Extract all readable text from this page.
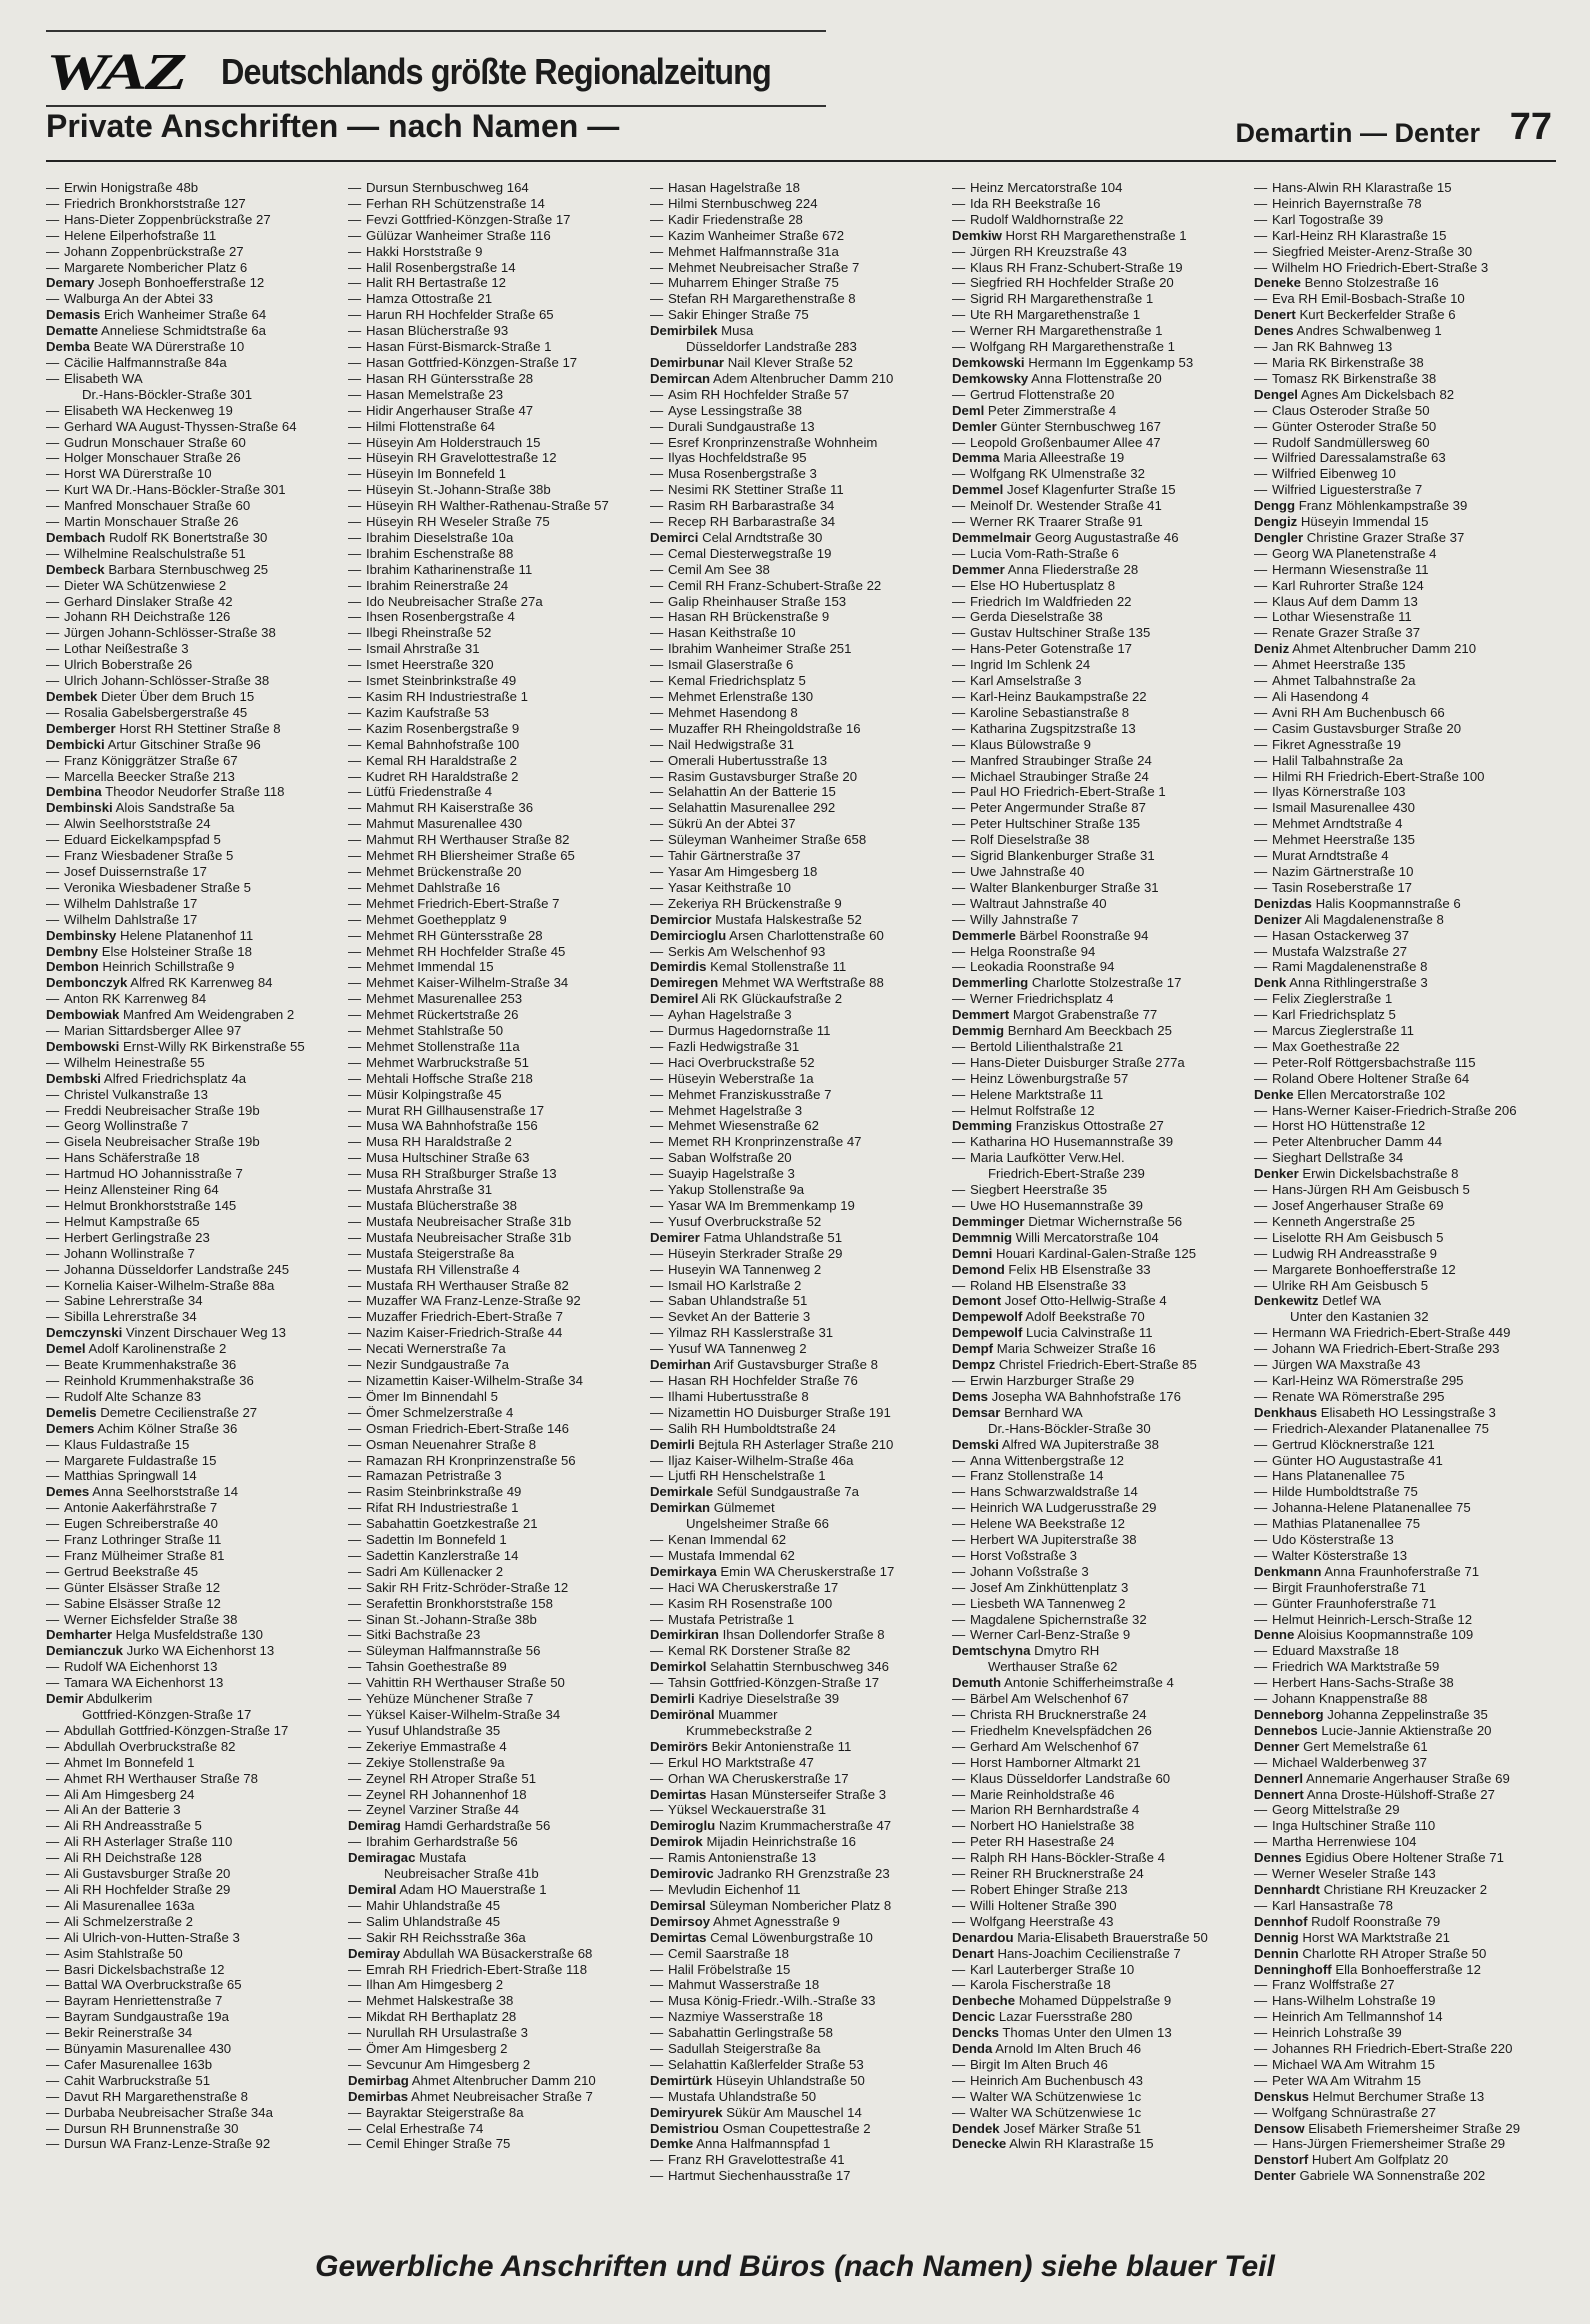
WAZ Deutschlands größte Regionalzeitung
Private Anschriften — nach Namen —	Demartin — Denter 77
— Erwin Honigstraße 48b
— Friedrich Bronkhorststraße 127
— Hans-Dieter Zoppenbrückstraße 27
— Helene Eilperhofstraße 11
— Johann Zoppenbrückstraße 27
— Margarete Nombericher Platz 6
Demary Joseph Bonhoefferstraße 12
— Walburga An der Abtei 33
Demasis Erich Wanheimer Straße 64
Dematte Anneliese Schmidtstraße 6a
Demba Beate WA Dürerstraße 10
— Cäcilie Halfmannstraße 84a
— Elisabeth WA
Dr.-Hans-Böckler-Straße 301
— Elisabeth WA Heckenweg 19
— Gerhard WA August-Thyssen-Straße 64
— Gudrun Monschauer Straße 60
— Holger Monschauer Straße 26
— Horst WA Dürerstraße 10
— Kurt WA Dr.-Hans-Böckler-Straße 301
— Manfred Monschauer Straße 60
— Martin Monschauer Straße 26
Dembach Rudolf RK Bonertstraße 30
— Wilhelmine Realschulstraße 51
Dembeck Barbara Sternbuschweg 25
— Dieter WA Schützenwiese 2
— Gerhard Dinslaker Straße 42
— Johann RH Deichstraße 126
— Jürgen Johann-Schlösser-Straße 38
— Lothar Neißestraße 3
— Ulrich Boberstraße 26
— Ulrich Johann-Schlösser-Straße 38
Dembek Dieter Über dem Bruch 15
— Rosalia Gabelsbergerstraße 45
Demberger Horst RH Stettiner Straße 8
Dembicki Artur Gitschiner Straße 96
— Franz Königgrätzer Straße 67
— Marcella Beecker Straße 213
Dembina Theodor Neudorfer Straße 118
Dembinski Alois Sandstraße 5a
— Alwin Seelhorststraße 24
— Eduard Eickelkampspfad 5
— Franz Wiesbadener Straße 5
— Josef Duissernstraße 17
— Veronika Wiesbadener Straße 5
— Wilhelm Dahlstraße 17
— Wilhelm Dahlstraße 17
Dembinsky Helene Platanenhof 11
Dembny Else Holsteiner Straße 18
Dembon Heinrich Schillstraße 9
Dembonczyk Alfred RK Karrenweg 84
— Anton RK Karrenweg 84
Dembowiak Manfred Am Weidengraben 2
— Marian Sittardsberger Allee 97
Dembowski Ernst-Willy RK Birkenstraße 55
— Wilhelm Heinestraße 55
Dembski Alfred Friedrichsplatz 4a
— Christel Vulkanstraße 13
— Freddi Neubreisacher Straße 19b
— Georg Wollinstraße 7
— Gisela Neubreisacher Straße 19b
— Hans Schäferstraße 18
— Hartmud HO Johannisstraße 7
— Heinz Allensteiner Ring 64
— Helmut Bronkhorststraße 145
— Helmut Kampstraße 65
— Herbert Gerlingstraße 23
— Johann Wollinstraße 7
— Johanna Düsseldorfer Landstraße 245
— Kornelia Kaiser-Wilhelm-Straße 88a
— Sabine Lehrerstraße 34
— Sibilla Lehrerstraße 34
Demczynski Vinzent Dirschauer Weg 13
Demel Adolf Karolinenstraße 2
— Beate Krummenhakstraße 36
— Reinhold Krummenhakstraße 36
— Rudolf Alte Schanze 83
Demelis Demetre Cecilienstraße 27
Demers Achim Kölner Straße 36
— Klaus Fuldastraße 15
— Margarete Fuldastraße 15
— Matthias Springwall 14
Demes Anna Seelhorststraße 14
— Antonie Aakerfährstraße 7
— Eugen Schreiberstraße 40
— Franz Lothringer Straße 11
— Franz Mülheimer Straße 81
— Gertrud Beekstraße 45
— Günter Elsässer Straße 12
— Sabine Elsässer Straße 12
— Werner Eichsfelder Straße 38
Demharter Helga Musfeldstraße 130
Demianczuk Jurko WA Eichenhorst 13
— Rudolf WA Eichenhorst 13
— Tamara WA Eichenhorst 13
Demir Abdulkerim
Gottfried-Könzgen-Straße 17
— Abdullah Gottfried-Könzgen-Straße 17
— Abdullah Overbruckstraße 82
— Ahmet Im Bonnefeld 1
— Ahmet RH Werthauser Straße 78
— Ali Am Himgesberg 24
— Ali An der Batterie 3
— Ali RH Andreasstraße 5
— Ali RH Asterlager Straße 110
— Ali RH Deichstraße 128
— Ali Gustavsburger Straße 20
— Ali RH Hochfelder Straße 29
— Ali Masurenallee 163a
— Ali Schmelzerstraße 2
— Ali Ulrich-von-Hutten-Straße 3
— Asim Stahlstraße 50
— Basri Dickelsbachstraße 12
— Battal WA Overbruckstraße 65
— Bayram Henriettenstraße 7
— Bayram Sundgaustraße 19a
— Bekir Reinerstraße 34
— Bünyamin Masurenallee 430
— Cafer Masurenallee 163b
— Cahit Warbruckstraße 51
— Davut RH Margarethenstraße 8
— Durbaba Neubreisacher Straße 34a
— Dursun RH Brunnenstraße 30
— Dursun WA Franz-Lenze-Straße 92
— Dursun Sternbuschweg 164
— Ferhan RH Schützenstraße 14
— Fevzi Gottfried-Könzgen-Straße 17
— Gülüzar Wanheimer Straße 116
— Hakki Horststraße 9
— Halil Rosenbergstraße 14
— Halit RH Bertastraße 12
— Hamza Ottostraße 21
— Harun RH Hochfelder Straße 65
— Hasan Blücherstraße 93
— Hasan Fürst-Bismarck-Straße 1
— Hasan Gottfried-Könzgen-Straße 17
— Hasan RH Güntersstraße 28
— Hasan Memelstraße 23
— Hidir Angerhauser Straße 47
— Hilmi Flottenstraße 64
— Hüseyin Am Holderstrauch 15
— Hüseyin RH Gravelottestraße 12
— Hüseyin Im Bonnefeld 1
— Hüseyin St.-Johann-Straße 38b
— Hüseyin RH Walther-Rathenau-Straße 57
— Hüseyin RH Weseler Straße 75
— Ibrahim Dieselstraße 10a
— Ibrahim Eschenstraße 88
— Ibrahim Katharinenstraße 11
— Ibrahim Reinerstraße 24
— Ido Neubreisacher Straße 27a
— Ihsen Rosenbergstraße 4
— Ilbegi Rheinstraße 52
— Ismail Ahrstraße 31
— Ismet Heerstraße 320
— Ismet Steinbrinkstraße 49
— Kasim RH Industriestraße 1
— Kazim Kaufstraße 53
— Kazim Rosenbergstraße 9
— Kemal Bahnhofstraße 100
— Kemal RH Haraldstraße 2
— Kudret RH Haraldstraße 2
— Lütfü Friedenstraße 4
— Mahmut RH Kaiserstraße 36
— Mahmut Masurenallee 430
— Mahmut RH Werthauser Straße 82
— Mehmet RH Bliersheimer Straße 65
— Mehmet Brückenstraße 20
— Mehmet Dahlstraße 16
— Mehmet Friedrich-Ebert-Straße 7
— Mehmet Goethepplatz 9
— Mehmet RH Güntersstraße 28
— Mehmet RH Hochfelder Straße 45
— Mehmet Immendal 15
— Mehmet Kaiser-Wilhelm-Straße 34
— Mehmet Masurenallee 253
— Mehmet Rückertstraße 26
— Mehmet Stahlstraße 50
— Mehmet Stollenstraße 11a
— Mehmet Warbruckstraße 51
— Mehtali Hoffsche Straße 218
— Müsir Kolpingstraße 45
— Murat RH Gillhausenstraße 17
— Musa WA Bahnhofstraße 156
— Musa RH Haraldstraße 2
— Musa Hultschiner Straße 63
— Musa RH Straßburger Straße 13
— Mustafa Ahrstraße 31
— Mustafa Blücherstraße 38
— Mustafa Neubreisacher Straße 31b
— Mustafa Neubreisacher Straße 31b
— Mustafa Steigerstraße 8a
— Mustafa RH Villenstraße 4
— Mustafa RH Werthauser Straße 82
— Muzaffer WA Franz-Lenze-Straße 92
— Muzaffer Friedrich-Ebert-Straße 7
— Nazim Kaiser-Friedrich-Straße 44
— Necati Wernerstraße 7a
— Nezir Sundgaustraße 7a
— Nizamettin Kaiser-Wilhelm-Straße 34
— Ömer Im Binnendahl 5
— Ömer Schmelzerstraße 4
— Osman Friedrich-Ebert-Straße 146
— Osman Neuenahrer Straße 8
— Ramazan RH Kronprinzenstraße 56
— Ramazan Petristraße 3
— Rasim Steinbrinkstraße 49
— Rifat RH Industriestraße 1
— Sabahattin Goetzkestraße 21
— Sadettin Im Bonnefeld 1
— Sadettin Kanzlerstraße 14
— Sadri Am Küllenacker 2
— Sakir RH Fritz-Schröder-Straße 12
— Serafettin Bronkhorststraße 158
— Sinan St.-Johann-Straße 38b
— Sitki Bachstraße 23
— Süleyman Halfmannstraße 56
— Tahsin Goethestraße 89
— Vahittin RH Werthauser Straße 50
— Yehüze Münchener Straße 7
— Yüksel Kaiser-Wilhelm-Straße 34
— Yusuf Uhlandstraße 35
— Zekeriye Emmastraße 4
— Zekiye Stollenstraße 9a
— Zeynel RH Atroper Straße 51
— Zeynel RH Johannenhof 18
— Zeynel Varziner Straße 44
Demirag Hamdi Gerhardstraße 56
— Ibrahim Gerhardstraße 56
Demiragac Mustafa
Neubreisacher Straße 41b
Demiral Adam HO Mauerstraße 1
— Mahir Uhlandstraße 45
— Salim Uhlandstraße 45
— Sakir RH Reichsstraße 36a
Demiray Abdullah WA Büsackerstraße 68
— Emrah RH Friedrich-Ebert-Straße 118
— Ilhan Am Himgesberg 2
— Mehmet Halskestraße 38
— Mikdat RH Berthaplatz 28
— Nurullah RH Ursulastraße 3
— Ömer Am Himgesberg 2
— Sevcunur Am Himgesberg 2
Demirbag Ahmet Altenbrucher Damm 210
Demirbas Ahmet Neubreisacher Straße 7
— Bayraktar Steigerstraße 8a
— Celal Erhestraße 74
— Cemil Ehinger Straße 75
— Hasan Hagelstraße 18
— Hilmi Sternbuschweg 224
— Kadir Friedenstraße 28
— Kazim Wanheimer Straße 672
— Mehmet Halfmannstraße 31a
— Mehmet Neubreisacher Straße 7
— Muharrem Ehinger Straße 75
— Stefan RH Margarethenstraße 8
— Sakir Ehinger Straße 75
Demirbilek Musa
Düsseldorfer Landstraße 283
Demirbunar Nail Klever Straße 52
Demircan Adem Altenbrucher Damm 210
— Asim RH Hochfelder Straße 57
— Ayse Lessingstraße 38
— Durali Sundgaustraße 13
— Esref Kronprinzenstraße Wohnheim
— Ilyas Hochfeldstraße 95
— Musa Rosenbergstraße 3
— Nesimi RK Stettiner Straße 11
— Rasim RH Barbarastraße 34
— Recep RH Barbarastraße 34
Demirci Celal Arndtstraße 30
— Cemal Diesterwegstraße 19
— Cemil Am See 38
— Cemil RH Franz-Schubert-Straße 22
— Galip Rheinhauser Straße 153
— Hasan RH Brückenstraße 9
— Hasan Keithstraße 10
— Ibrahim Wanheimer Straße 251
— Ismail Glaserstraße 6
— Kemal Friedrichsplatz 5
— Mehmet Erlenstraße 130
— Mehmet Hasendong 8
— Muzaffer RH Rheingoldstraße 16
— Nail Hedwigstraße 31
— Omerali Hubertusstraße 13
— Rasim Gustavsburger Straße 20
— Selahattin An der Batterie 15
— Selahattin Masurenallee 292
— Sükrü An der Abtei 37
— Süleyman Wanheimer Straße 658
— Tahir Gärtnerstraße 37
— Yasar Am Himgesberg 18
— Yasar Keithstraße 10
— Zekeriya RH Brückenstraße 9
Demircior Mustafa Halskestraße 52
Demircioglu Arsen Charlottenstraße 60
— Serkis Am Welschenhof 93
Demirdis Kemal Stollenstraße 11
Demiregen Mehmet WA Werftstraße 88
Demirel Ali RK Glückaufstraße 2
— Ayhan Hagelstraße 3
— Durmus Hagedornstraße 11
— Fazli Hedwigstraße 31
— Haci Overbruckstraße 52
— Hüseyin Weberstraße 1a
— Mehmet Franziskusstraße 7
— Mehmet Hagelstraße 3
— Mehmet Wiesenstraße 62
— Memet RH Kronprinzenstraße 47
— Saban Wolfstraße 20
— Suayip Hagelstraße 3
— Yakup Stollenstraße 9a
— Yasar WA Im Bremmenkamp 19
— Yusuf Overbruckstraße 52
Demirer Fatma Uhlandstraße 51
— Hüseyin Sterkrader Straße 29
— Huseyin WA Tannenweg 2
— Ismail HO Karlstraße 2
— Saban Uhlandstraße 51
— Sevket An der Batterie 3
— Yilmaz RH Kasslerstraße 31
— Yusuf WA Tannenweg 2
Demirhan Arif Gustavsburger Straße 8
— Hasan RH Hochfelder Straße 76
— Ilhami Hubertusstraße 8
— Nizamettin HO Duisburger Straße 191
— Salih RH Humboldtstraße 24
Demirli Bejtula RH Asterlager Straße 210
— Iljaz Kaiser-Wilhelm-Straße 46a
— Ljutfi RH Henschelstraße 1
Demirkale Sefül Sundgaustraße 7a
Demirkan Gülmemet
Ungelsheimer Straße 66
— Kenan Immendal 62
— Mustafa Immendal 62
Demirkaya Emin WA Cheruskerstraße 17
— Haci WA Cheruskerstraße 17
— Kasim RH Rosenstraße 100
— Mustafa Petristraße 1
Demirkiran Ihsan Dollendorfer Straße 8
— Kemal RK Dorstener Straße 82
Demirkol Selahattin Sternbuschweg 346
— Tahsin Gottfried-Könzgen-Straße 17
Demirli Kadriye Dieselstraße 39
Demirönal Muammer
Krummebeckstraße 2
Demirörs Bekir Antonienstraße 11
— Erkul HO Marktstraße 47
— Orhan WA Cheruskerstraße 17
Demirtas Hasan Münsterseifer Straße 3
— Yüksel Weckauerstraße 31
Demiroglu Nazim Krummacherstraße 47
Demirok Mijadin Heinrichstraße 16
— Ramis Antonienstraße 13
Demirovic Jadranko RH Grenzstraße 23
— Mevludin Eichenhof 11
Demirsal Süleyman Nombericher Platz 8
Demirsoy Ahmet Agnesstraße 9
Demirtas Cemal Löwenburgstraße 10
— Cemil Saarstraße 18
— Halil Fröbelstraße 15
— Mahmut Wasserstraße 18
— Musa König-Friedr.-Wilh.-Straße 33
— Nazmiye Wasserstraße 18
— Sabahattin Gerlingstraße 58
— Sadullah Steigerstraße 8a
— Selahattin Kaßlerfelder Straße 53
Demirtürk Hüseyin Uhlandstraße 50
— Mustafa Uhlandstraße 50
Demiryurek Sükür Am Mauschel 14
Demistriou Osman Coupettestraße 2
Demke Anna Halfmannspfad 1
— Franz RH Gravelottestraße 41
— Hartmut Siechenhausstraße 17
— Heinz Mercatorstraße 104
— Ida RH Beekstraße 16
— Rudolf Waldhornstraße 22
Demkiw Horst RH Margarethenstraße 1
— Jürgen RH Kreuzstraße 43
— Klaus RH Franz-Schubert-Straße 19
— Siegfried RH Hochfelder Straße 20
— Sigrid RH Margarethenstraße 1
— Ute RH Margarethenstraße 1
— Werner RH Margarethenstraße 1
— Wolfgang RH Margarethenstraße 1
Demkowski Hermann Im Eggenkamp 53
Demkowsky Anna Flottenstraße 20
— Gertrud Flottenstraße 20
Deml Peter Zimmerstraße 4
Demler Günter Sternbuschweg 167
— Leopold Großenbaumer Allee 47
Demma Maria Alleestraße 19
— Wolfgang RK Ulmenstraße 32
Demmel Josef Klagenfurter Straße 15
— Meinolf Dr. Westender Straße 41
— Werner RK Traarer Straße 91
Demmelmair Georg Augustastraße 46
— Lucia Vom-Rath-Straße 6
Demmer Anna Fliederstraße 28
— Else HO Hubertusplatz 8
— Friedrich Im Waldfrieden 22
— Gerda Dieselstraße 38
— Gustav Hultschiner Straße 135
— Hans-Peter Gotenstraße 17
— Ingrid Im Schlenk 24
— Karl Amselstraße 3
— Karl-Heinz Baukampstraße 22
— Karoline Sebastianstraße 8
— Katharina Zugspitzstraße 13
— Klaus Bülowstraße 9
— Manfred Straubinger Straße 24
— Michael Straubinger Straße 24
— Paul HO Friedrich-Ebert-Straße 1
— Peter Angermunder Straße 87
— Peter Hultschiner Straße 135
— Rolf Dieselstraße 38
— Sigrid Blankenburger Straße 31
— Uwe Jahnstraße 40
— Walter Blankenburger Straße 31
— Waltraut Jahnstraße 40
— Willy Jahnstraße 7
Demmerle Bärbel Roonstraße 94
— Helga Roonstraße 94
— Leokadia Roonstraße 94
Demmerling Charlotte Stolzestraße 17
— Werner Friedrichsplatz 4
Demmert Margot Grabenstraße 77
Demmig Bernhard Am Beeckbach 25
— Bertold Lilienthalstraße 21
— Hans-Dieter Duisburger Straße 277a
— Heinz Löwenburgstraße 57
— Helene Marktstraße 11
— Helmut Rolfstraße 12
Demming Franziskus Ottostraße 27
— Katharina HO Husemannstraße 39
— Maria Laufkötter Verw.Hel.
Friedrich-Ebert-Straße 239
— Siegbert Heerstraße 35
— Uwe HO Husemannstraße 39
Demminger Dietmar Wichernstraße 56
Demmnig Willi Mercatorstraße 104
Demni Houari Kardinal-Galen-Straße 125
Demond Felix HB Elsenstraße 33
— Roland HB Elsenstraße 33
Demont Josef Otto-Hellwig-Straße 4
Dempewolf Adolf Beekstraße 70
Dempewolf Lucia Calvinstraße 11
Dempf Maria Schweizer Straße 16
Dempz Christel Friedrich-Ebert-Straße 85
— Erwin Harzburger Straße 29
Dems Josepha WA Bahnhofstraße 176
Demsar Bernhard WA
Dr.-Hans-Böckler-Straße 30
Demski Alfred WA Jupiterstraße 38
— Anna Wittenbergstraße 12
— Franz Stollenstraße 14
— Hans Schwarzwaldstraße 14
— Heinrich WA Ludgerusstraße 29
— Helene WA Beekstraße 12
— Herbert WA Jupiterstraße 38
— Horst Voßstraße 3
— Johann Voßstraße 3
— Josef Am Zinkhüttenplatz 3
— Liesbeth WA Tannenweg 2
— Magdalene Spichernstraße 32
— Werner Carl-Benz-Straße 9
Demtschyna Dmytro RH
Werthauser Straße 62
Demuth Antonie Schifferheimstraße 4
— Bärbel Am Welschenhof 67
— Christa RH Brucknerstraße 24
— Friedhelm Knevelspfädchen 26
— Gerhard Am Welschenhof 67
— Horst Hamborner Altmarkt 21
— Klaus Düsseldorfer Landstraße 60
— Marie Reinholdstraße 46
— Marion RH Bernhardstraße 4
— Norbert HO Hanielstraße 38
— Peter RH Hasestraße 24
— Ralph RH Hans-Böckler-Straße 4
— Reiner RH Brucknerstraße 24
— Robert Ehinger Straße 213
— Willi Holtener Straße 390
— Wolfgang Heerstraße 43
Denardou Maria-Elisabeth Brauerstraße 50
Denart Hans-Joachim Cecilienstraße 7
— Karl Lauterberger Straße 10
— Karola Fischerstraße 18
Denbeche Mohamed Düppelstraße 9
Dencic Lazar Fuersstraße 280
Dencks Thomas Unter den Ulmen 13
Denda Arnold Im Alten Bruch 46
— Birgit Im Alten Bruch 46
— Heinrich Am Buchenbusch 43
— Walter WA Schützenwiese 1c
— Walter WA Schützenwiese 1c
Dendek Josef Märker Straße 51
Denecke Alwin RH Klarastraße 15
— Hans-Alwin RH Klarastraße 15
— Heinrich Bayernstraße 78
— Karl Togostraße 39
— Karl-Heinz RH Klarastraße 15
— Siegfried Meister-Arenz-Straße 30
— Wilhelm HO Friedrich-Ebert-Straße 3
Deneke Benno Stolzestraße 16
— Eva RH Emil-Bosbach-Straße 10
Denert Kurt Beckerfelder Straße 6
Denes Andres Schwalbenweg 1
— Jan RK Bahnweg 13
— Maria RK Birkenstraße 38
— Tomasz RK Birkenstraße 38
Dengel Agnes Am Dickelsbach 82
— Claus Osteroder Straße 50
— Günter Osteroder Straße 50
— Rudolf Sandmüllersweg 60
— Wilfried Daressalamstraße 63
— Wilfried Eibenweg 10
— Wilfried Liguesterstraße 7
Dengg Franz Möhlenkampstraße 39
Dengiz Hüseyin Immendal 15
Dengler Christine Grazer Straße 37
— Georg WA Planetenstraße 4
— Hermann Wiesenstraße 11
— Karl Ruhrorter Straße 124
— Klaus Auf dem Damm 13
— Lothar Wiesenstraße 11
— Renate Grazer Straße 37
Deniz Ahmet Altenbrucher Damm 210
— Ahmet Heerstraße 135
— Ahmet Talbahnstraße 2a
— Ali Hasendong 4
— Avni RH Am Buchenbusch 66
— Casim Gustavsburger Straße 20
— Fikret Agnesstraße 19
— Halil Talbahnstraße 2a
— Hilmi RH Friedrich-Ebert-Straße 100
— Ilyas Körnerstraße 103
— Ismail Masurenallee 430
— Mehmet Arndtstraße 4
— Mehmet Heerstraße 135
— Murat Arndtstraße 4
— Nazim Gärtnerstraße 10
— Tasin Roseberstraße 17
Denizdas Halis Koopmannstraße 6
Denizer Ali Magdalenenstraße 8
— Hasan Ostackerweg 37
— Mustafa Walzstraße 27
— Rami Magdalenenstraße 8
Denk Anna Rithlingerstraße 3
— Felix Zieglerstraße 1
— Karl Friedrichsplatz 5
— Marcus Zieglerstraße 11
— Max Goethestraße 22
— Peter-Rolf Röttgersbachstraße 115
— Roland Obere Holtener Straße 64
Denke Ellen Mercatorstraße 102
— Hans-Werner Kaiser-Friedrich-Straße 206
— Horst HO Hüttenstraße 12
— Peter Altenbrucher Damm 44
— Sieghart Dellstraße 34
Denker Erwin Dickelsbachstraße 8
— Hans-Jürgen RH Am Geisbusch 5
— Josef Angerhauser Straße 69
— Kenneth Angerstraße 25
— Liselotte RH Am Geisbusch 5
— Ludwig RH Andreasstraße 9
— Margarete Bonhoefferstraße 12
— Ulrike RH Am Geisbusch 5
Denkewitz Detlef WA
Unter den Kastanien 32
— Hermann WA Friedrich-Ebert-Straße 449
— Johann WA Friedrich-Ebert-Straße 293
— Jürgen WA Maxstraße 43
— Karl-Heinz WA Römerstraße 295
— Renate WA Römerstraße 295
Denkhaus Elisabeth HO Lessingstraße 3
— Friedrich-Alexander Platanenallee 75
— Gertrud Klöcknerstraße 121
— Günter HO Augustastraße 41
— Hans Platanenallee 75
— Hilde Humboldtstraße 75
— Johanna-Helene Platanenallee 75
— Mathias Platanenallee 75
— Udo Kösterstraße 13
— Walter Kösterstraße 13
Denkmann Anna Fraunhoferstraße 71
— Birgit Fraunhoferstraße 71
— Günter Fraunhoferstraße 71
— Helmut Heinrich-Lersch-Straße 12
Denne Aloisius Koopmannstraße 109
— Eduard Maxstraße 18
— Friedrich WA Marktstraße 59
— Herbert Hans-Sachs-Straße 38
— Johann Knappenstraße 88
Denneborg Johanna Zeppelinstraße 35
Dennebos Lucie-Jannie Aktienstraße 20
Denner Gert Memelstraße 61
— Michael Walderbenweg 37
Dennerl Annemarie Angerhauser Straße 69
Dennert Anna Droste-Hülshoff-Straße 27
— Georg Mittelstraße 29
— Inga Hultschiner Straße 110
— Martha Herrenwiese 104
Dennes Egidius Obere Holtener Straße 71
— Werner Weseler Straße 143
Dennhardt Christiane RH Kreuzacker 2
— Karl Hansastraße 78
Dennhof Rudolf Roonstraße 79
Dennig Horst WA Marktstraße 21
Dennin Charlotte RH Atroper Straße 50
Denninghoff Ella Bonhoefferstraße 12
— Franz Wolffstraße 27
— Hans-Wilhelm Lohstraße 19
— Heinrich Am Tellmannshof 14
— Heinrich Lohstraße 39
— Johannes RH Friedrich-Ebert-Straße 220
— Michael WA Am Witrahm 15
— Peter WA Am Witrahm 15
Denskus Helmut Berchumer Straße 13
— Wolfgang Schnürastraße 27
Densow Elisabeth Friemersheimer Straße 29
— Hans-Jürgen Friemersheimer Straße 29
Denstorf Hubert Am Golfplatz 20
Denter Gabriele WA Sonnenstraße 202
Gewerbliche Anschriften und Büros (nach Namen) siehe blauer Teil
